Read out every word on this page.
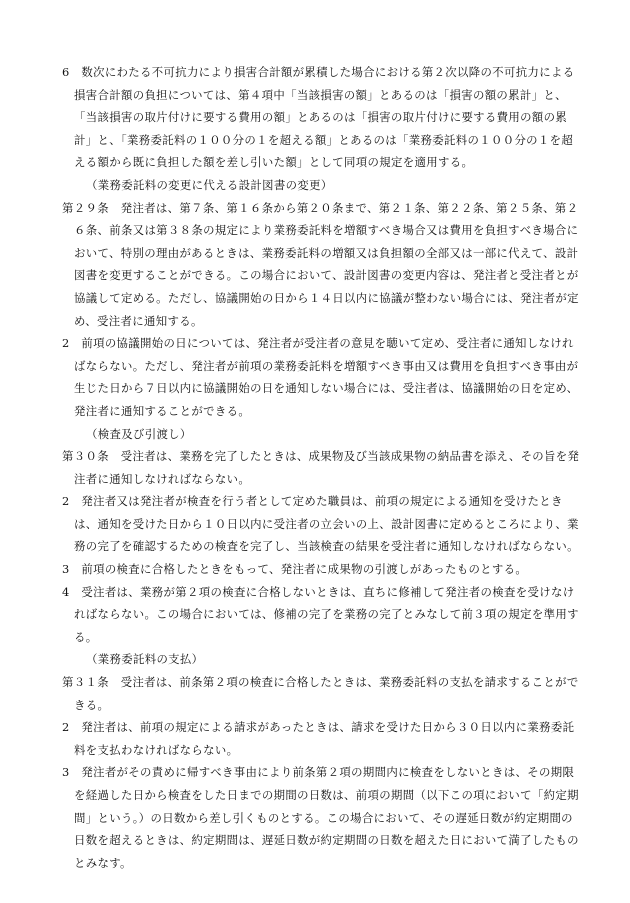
6　数次にわたる不可抗力により損害合計額が累積した場合における第２次以降の不可抗力による損害合計額の負担については、第４項中「当該損害の額」とあるのは「損害の額の累計」と、「当該損害の取片付けに要する費用の額」とあるのは「損害の取片付けに要する費用の額の累計」と、「業務委託料の１００分の１を超える額」とあるのは「業務委託料の１００分の１を超える額から既に負担した額を差し引いた額」として同項の規定を適用する。

（業務委託料の変更に代える設計図書の変更）

第２９条　発注者は、第７条、第１６条から第２０条まで、第２１条、第２２条、第２５条、第２６条、前条又は第３８条の規定により業務委託料を増額すべき場合又は費用を負担すべき場合において、特別の理由があるときは、業務委託料の増額又は負担額の全部又は一部に代えて、設計図書を変更することができる。この場合において、設計図書の変更内容は、発注者と受注者とが協議して定める。ただし、協議開始の日から１４日以内に協議が整わない場合には、発注者が定め、受注者に通知する。

2　前項の協議開始の日については、発注者が受注者の意見を聴いて定め、受注者に通知しなければならない。ただし、発注者が前項の業務委託料を増額すべき事由又は費用を負担すべき事由が生じた日から７日以内に協議開始の日を通知しない場合には、受注者は、協議開始の日を定め、発注者に通知することができる。

（検査及び引渡し）

第３０条　受注者は、業務を完了したときは、成果物及び当該成果物の納品書を添え、その旨を発注者に通知しなければならない。

2　発注者又は発注者が検査を行う者として定めた職員は、前項の規定による通知を受けたときは、通知を受けた日から１０日以内に受注者の立会いの上、設計図書に定めるところにより、業務の完了を確認するための検査を完了し、当該検査の結果を受注者に通知しなければならない。

3　前項の検査に合格したときをもって、発注者に成果物の引渡しがあったものとする。

4　受注者は、業務が第２項の検査に合格しないときは、直ちに修補して発注者の検査を受けなければならない。この場合においては、修補の完了を業務の完了とみなして前３項の規定を準用する。

（業務委託料の支払）

第３１条　受注者は、前条第２項の検査に合格したときは、業務委託料の支払を請求することができる。

2　発注者は、前項の規定による請求があったときは、請求を受けた日から３０日以内に業務委託料を支払わなければならない。

3　発注者がその責めに帰すべき事由により前条第２項の期間内に検査をしないときは、その期限を経過した日から検査をした日までの期間の日数は、前項の期間（以下この項において「約定期間」という。）の日数から差し引くものとする。この場合において、その遅延日数が約定期間の日数を超えるときは、約定期間は、遅延日数が約定期間の日数を超えた日において満了したものとみなす。
